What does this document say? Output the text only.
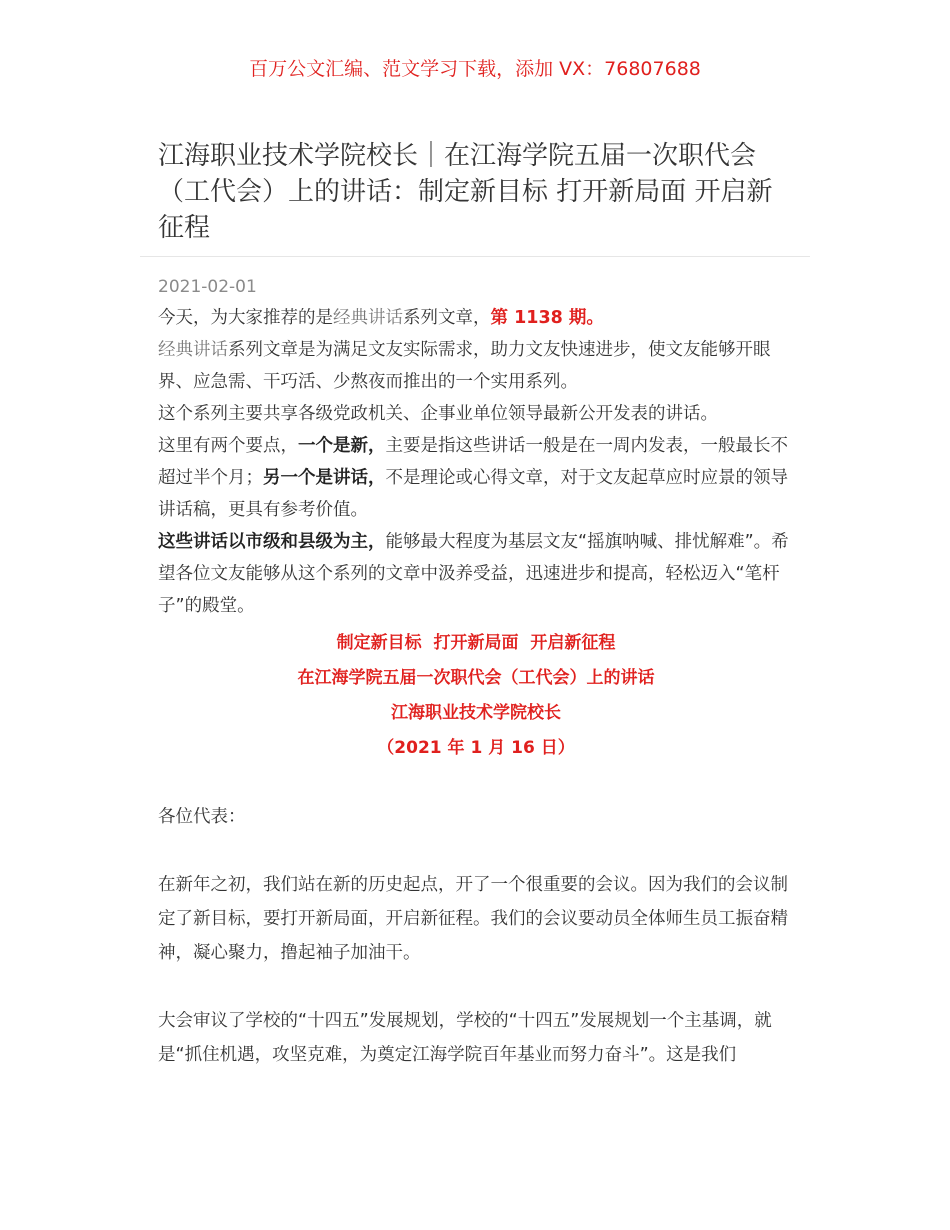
百万公文汇编、范文学习下载，添加 VX：76807688
江海职业技术学院校长｜在江海学院五届一次职代会（工代会）上的讲话：制定新目标 打开新局面 开启新征程
2021-02-01

今天，为大家推荐的是经典讲话系列文章，第 1138 期。

经典讲话系列文章是为满足文友实际需求，助力文友快速进步，使文友能够开眼界、应急需、干巧活、少熬夜而推出的一个实用系列。

这个系列主要共享各级党政机关、企事业单位领导最新公开发表的讲话。

这里有两个要点，一个是新，主要是指这些讲话一般是在一周内发表，一般最长不超过半个月；另一个是讲话，不是理论或心得文章，对于文友起草应时应景的领导讲话稿，更具有参考价值。

这些讲话以市级和县级为主，能够最大程度为基层文友“摇旗呐喊、排忧解难”。希望各位文友能够从这个系列的文章中汲养受益，迅速进步和提高，轻松迈入“笔杆子”的殿堂。

制定新目标  打开新局面  开启新征程

在江海学院五届一次职代会（工代会）上的讲话

江海职业技术学院校长

（2021 年 1 月 16 日）

各位代表：

在新年之初，我们站在新的历史起点，开了一个很重要的会议。因为我们的会议制定了新目标，要打开新局面，开启新征程。我们的会议要动员全体师生员工振奋精神，凝心聚力，撸起袖子加油干。

大会审议了学校的“十四五”发展规划，学校的“十四五”发展规划一个主基调，就是“抓住机遇，攻坚克难，为奠定江海学院百年基业而努力奋斗”。这是我们
